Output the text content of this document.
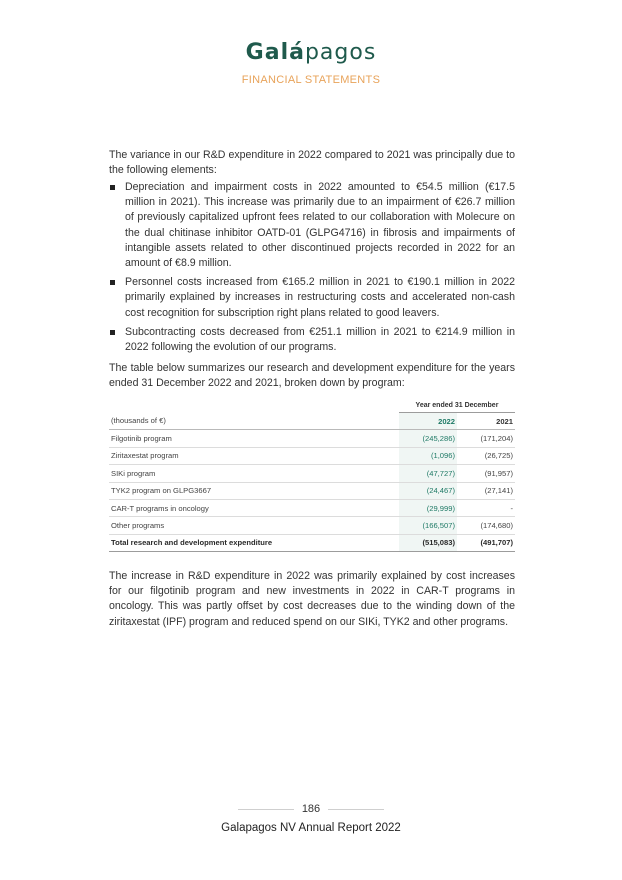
Galápagos
FINANCIAL STATEMENTS
The variance in our R&D expenditure in 2022 compared to 2021 was principally due to the following elements:
Depreciation and impairment costs in 2022 amounted to €54.5 million (€17.5 million in 2021). This increase was primarily due to an impairment of €26.7 million of previously capitalized upfront fees related to our collaboration with Molecure on the dual chitinase inhibitor OATD-01 (GLPG4716) in fibrosis and impairments of intangible assets related to other discontinued projects recorded in 2022 for an amount of €8.9 million.
Personnel costs increased from €165.2 million in 2021 to €190.1 million in 2022 primarily explained by increases in restructuring costs and accelerated non-cash cost recognition for subscription right plans related to good leavers.
Subcontracting costs decreased from €251.1 million in 2021 to €214.9 million in 2022 following the evolution of our programs.
The table below summarizes our research and development expenditure for the years ended 31 December 2022 and 2021, broken down by program:
	Year ended 31 December	
(thousands of €)	2022	2021
Filgotinib program	(245,286)	(171,204)
Ziritaxestat program	(1,096)	(26,725)
SIKi program	(47,727)	(91,957)
TYK2 program on GLPG3667	(24,467)	(27,141)
CAR-T programs in oncology	(29,999)	-
Other programs	(166,507)	(174,680)
Total research and development expenditure	(515,083)	(491,707)
The increase in R&D expenditure in 2022 was primarily explained by cost increases for our filgotinib program and new investments in 2022 in CAR-T programs in oncology. This was partly offset by cost decreases due to the winding down of the ziritaxestat (IPF) program and reduced spend on our SIKi, TYK2 and other programs.
186
Galapagos NV Annual Report 2022
